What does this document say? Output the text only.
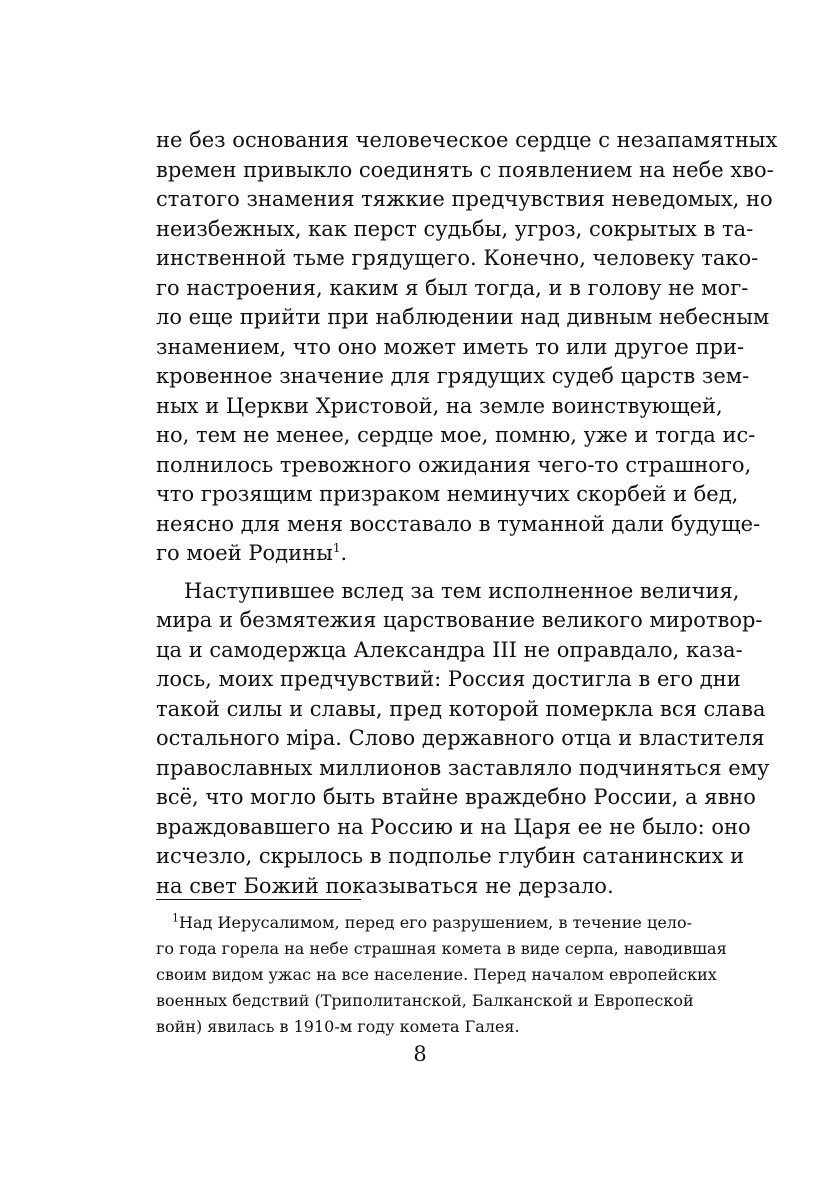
не без основания человеческое сердце с незапамятных
времен привыкло соединять с появлением на небе хво-
статого знамения тяжкие предчувствия неведомых, но
неизбежных, как перст судьбы, угроз, сокрытых в та-
инственной тьме грядущего. Конечно, человеку тако-
го настроения, каким я был тогда, и в голову не мог-
ло еще прийти при наблюдении над дивным небесным
знамением, что оно может иметь то или другое при-
кровенное значение для грядущих судеб царств зем-
ных и Церкви Христовой, на земле воинствующей,
но, тем не менее, сердце мое, помню, уже и тогда ис-
полнилось тревожного ожидания чего-то страшного,
что грозящим призраком неминучих скорбей и бед,
неясно для меня восставало в туманной дали будуще-
го моей Родины$^1$.
Наступившее вслед за тем исполненное величия,
мира и безмятежия царствование великого миротвор-
ца и самодержца Александра III не оправдало, каза-
лось, моих предчувствий: Россия достигла в его дни
такой силы и славы, пред которой померкла вся слава
остального міра. Слово державного отца и властителя
православных миллионов заставляло подчиняться ему
всё, что могло быть втайне враждебно России, а явно
враждовавшего на Россию и на Царя ее не было: оно
исчезло, скрылось в подполье глубин сатанинских и
на свет Божий показываться не дерзало.
$^1$Над Иерусалимом, перед его разрушением, в течение цело-
го года горела на небе страшная комета в виде серпа, наводившая
своим видом ужас на все население. Перед началом европейских
военных бедствий (Триполитанской, Балканской и Европеской
войн) явилась в 1910-м году комета Галея.
8
